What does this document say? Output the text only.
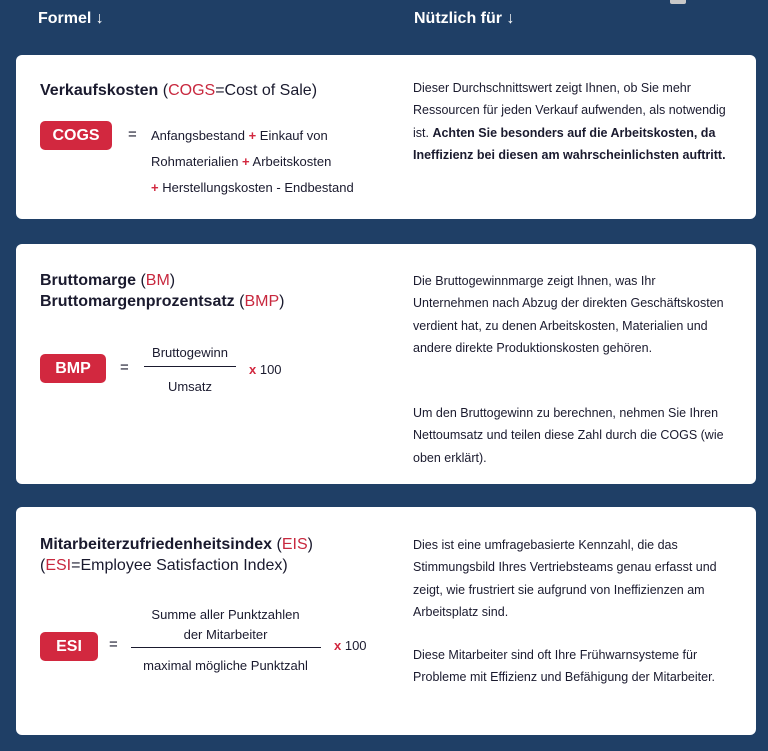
Formel ↓	Nützlich für ↓
Verkaufskosten (COGS=Cost of Sale)
COGS	= Anfangsbestand + Einkauf von
Rohmaterialien + Arbeitskosten
+ Herstellungskosten - Endbestand
Dieser Durchschnittswert zeigt Ihnen, ob Sie mehr Ressourcen für jeden Verkauf aufwenden, als notwendig ist. Achten Sie besonders auf die Arbeitskosten, da Ineffizienz bei diesen am wahrscheinlichsten auftritt.
Bruttomarge (BM)
Bruttomargenprozentsatz (BMP)
BMP	=
Bruttogewinn
Umsatz
x 100
Die Bruttogewinnmarge zeigt Ihnen, was Ihr Unternehmen nach Abzug der direkten Geschäftskosten verdient hat, zu denen Arbeitskosten, Materialien und andere direkte Produktionskosten gehören.
Um den Bruttogewinn zu berechnen, nehmen Sie Ihren Nettoumsatz und teilen diese Zahl durch die COGS (wie oben erklärt).
Mitarbeiterzufriedenheitsindex (EIS)
(ESI=Employee Satisfaction Index)
ESI	=
Summe aller Punktzahlen
der Mitarbeiter
maximal mögliche Punktzahl
x 100
Dies ist eine umfragebasierte Kennzahl, die das Stimmungsbild Ihres Vertriebsteams genau erfasst und zeigt, wie frustriert sie aufgrund von Ineffizienzen am Arbeitsplatz sind.
Diese Mitarbeiter sind oft Ihre Frühwarnsysteme für Probleme mit Effizienz und Befähigung der Mitarbeiter.
